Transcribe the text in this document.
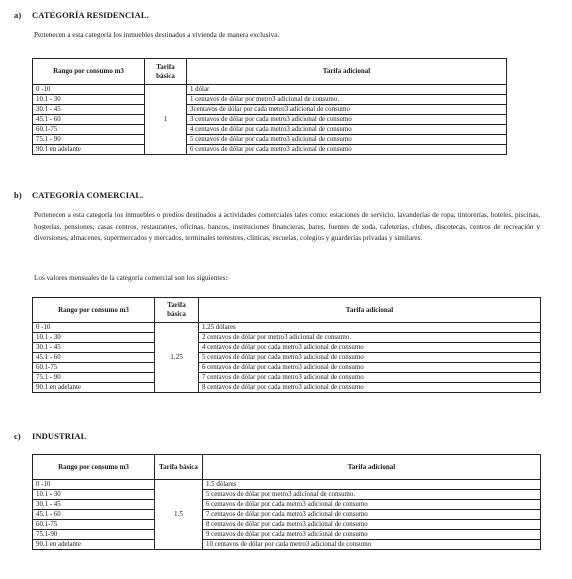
a) CATEGORÍA RESIDENCIAL.
Pertenecen a esta categoría los inmuebles destinados a vivienda de manera exclusiva.
Rango por consumo m3	Tarifa básica	Tarifa adicional
0 -10	1	1 dólar
10.1 - 30		1 centavos de dólar por metro3 adicional de consumo.
30.1 - 45		3centavos de dólar por cada metro3 adicional de consumo
45.1 - 60		3 centavos de dólar por cada metro3 adicional de consumo
60.1-75		4 centavos de dólar por cada metro3 adicional de consumo
75.1 - 90		5 centavos de dólar por cada metro3 adicional de consumo
90.1 en adelante		6 centavos de dólar por cada metro3 adicional de consumo
b) CATEGORÍA COMERCIAL.
Pertenecen a esta categoría los inmuebles o predios destinados a actividades comerciales tales como: estaciones de servicio, lavanderías de ropa, tintorerías, hoteles, piscinas, hosterías, pensiones, casas centros, restaurantes, oficinas, bancos, instituciones financieras, bares, fuentes de soda, cafeterías, clubes, discotecas, centros de recreación y diversiones, almacenes, supermercados y mercados, terminales terrestres, clínicas, escuelas, colegios y guarderías privadas y similares.
Los valores mensuales de la categoría comercial son los siguientes:
Rango por consumo m3	Tarifa básica	Tarifa adicional
0 -10	1.25	1.25 dólares
10.1 - 30		2 centavos de dólar por metro3 adicional de consumo.
30.1 - 45		4 centavos de dólar por cada metro3 adicional de consumo
45.1 - 60		5 centavos de dólar por cada metro3 adicional de consumo
60.1-75		6 centavos de dólar por cada metro3 adicional de consumo
75.1 - 90		7 centavos de dólar por cada metro3 adicional de consumo
90.1 en adelante		8 centavos de dólar por cada metro3 adicional de consumo
c) INDUSTRIAL
Rango por consumo m3	Tarifa básica	Tarifa adicional
0 -10	1.5	1.5 dólares
10.1 - 30		5 centavos de dólar por metro3 adicional de consumo.
30.1 - 45		6 centavos de dólar por cada metro3 adicional de consumo
45.1 - 60		7 centavos de dólar por cada metro3 adicional de consumo
60.1-75		8 centavos de dólar por cada metro3 adicional de consumo
75.1-90		9 centavos de dólar por cada metro3 adicional de consumo
90.1 en adelante		10 centavos de dólar por cada metro3 adicional de consumo
